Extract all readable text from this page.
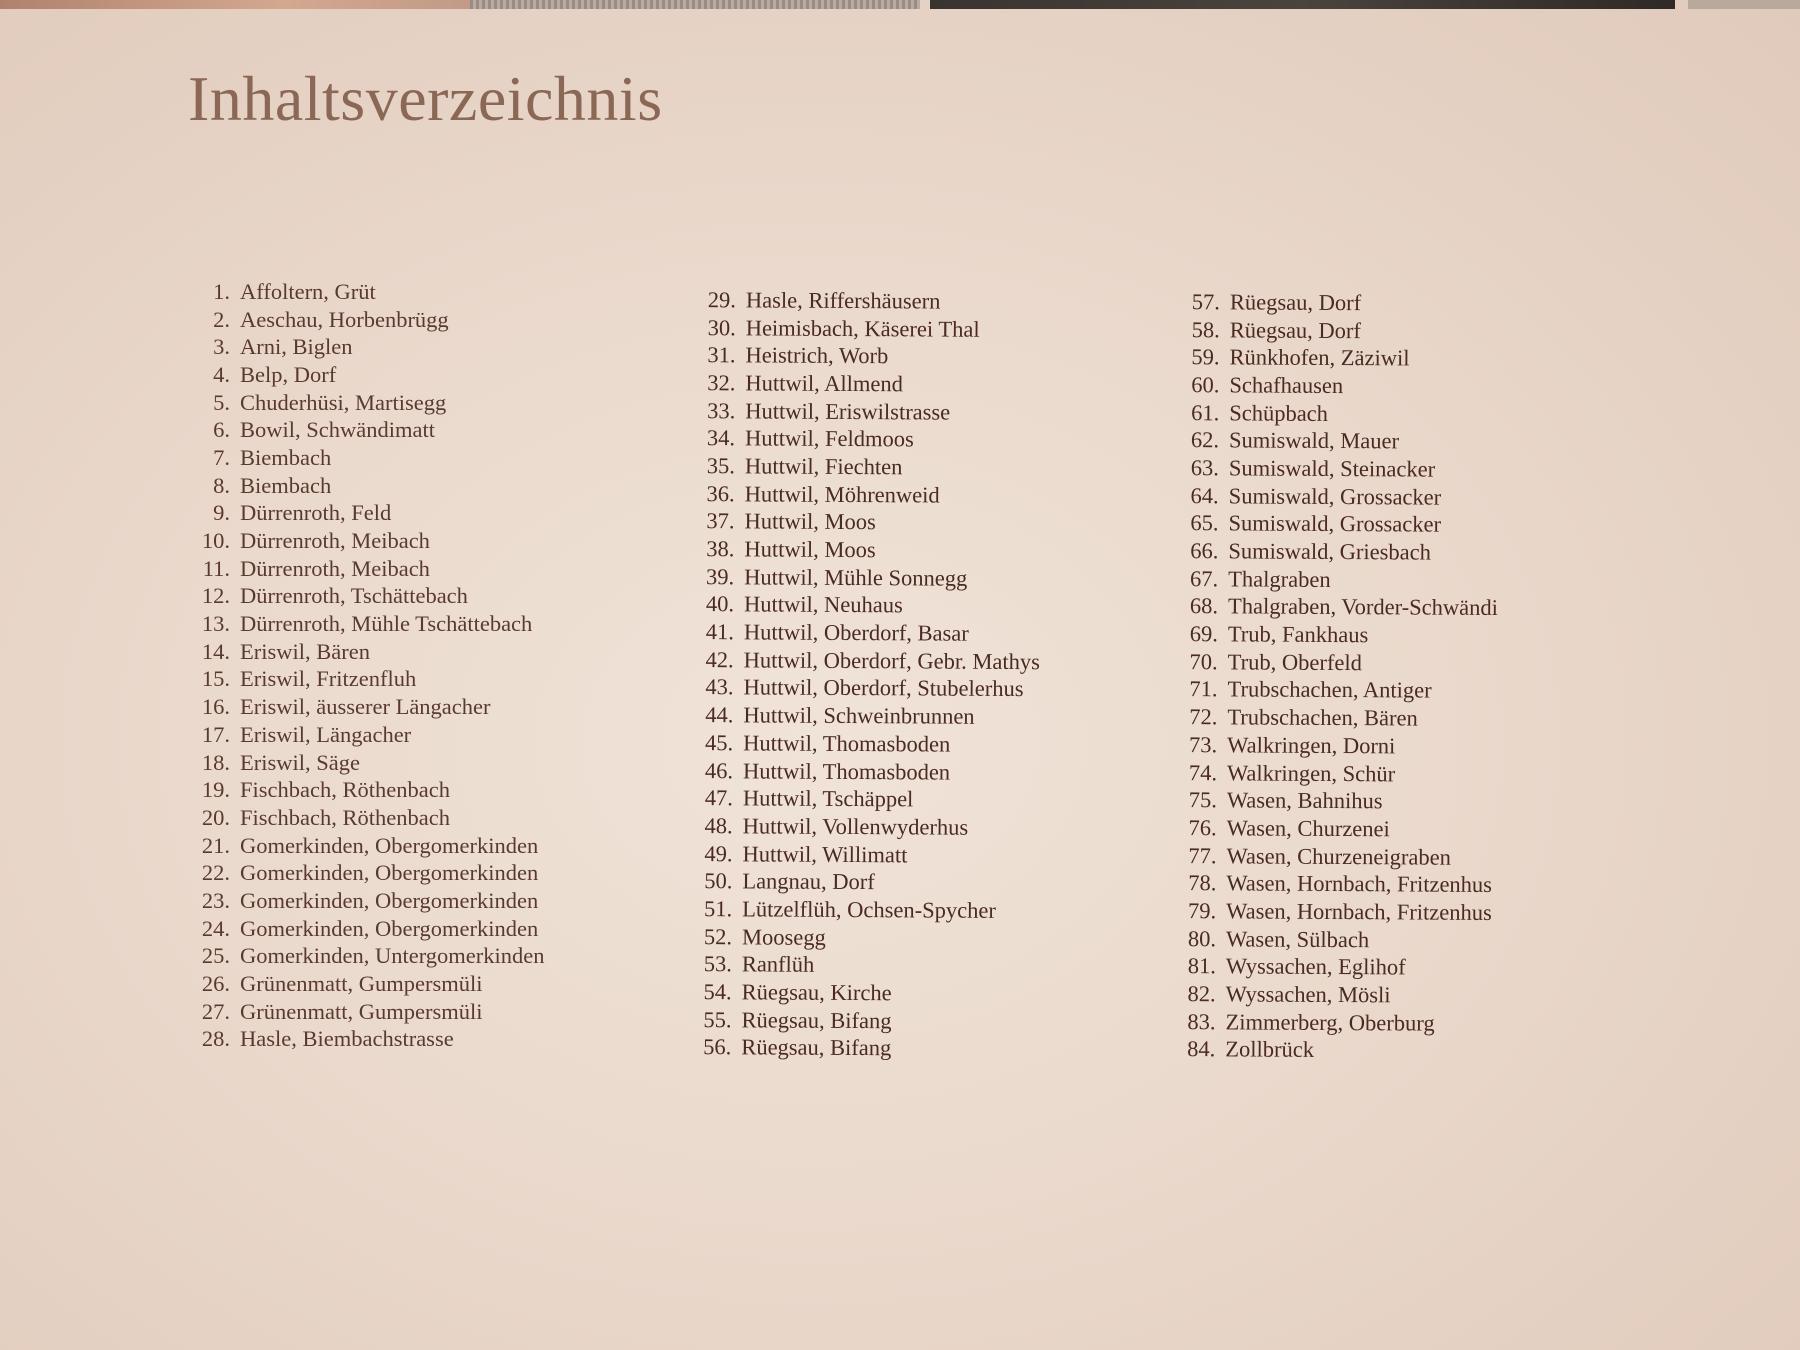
Inhaltsverzeichnis
1. Affoltern, Grüt
2. Aeschau, Horbenbrügg
3. Arni, Biglen
4. Belp, Dorf
5. Chuderhüsi, Martisegg
6. Bowil, Schwändimatt
7. Biembach
8. Biembach
9. Dürrenroth, Feld
10. Dürrenroth, Meibach
11. Dürrenroth, Meibach
12. Dürrenroth, Tschättebach
13. Dürrenroth, Mühle Tschättebach
14. Eriswil, Bären
15. Eriswil, Fritzenfluh
16. Eriswil, äusserer Längacher
17. Eriswil, Längacher
18. Eriswil, Säge
19. Fischbach, Röthenbach
20. Fischbach, Röthenbach
21. Gomerkinden, Obergomerkinden
22. Gomerkinden, Obergomerkinden
23. Gomerkinden, Obergomerkinden
24. Gomerkinden, Obergomerkinden
25. Gomerkinden, Untergomerkinden
26. Grünenmatt, Gumpersmüli
27. Grünenmatt, Gumpersmüli
28. Hasle, Biembachstrasse
29. Hasle, Riffershäusern
30. Heimisbach, Käserei Thal
31. Heistrich, Worb
32. Huttwil, Allmend
33. Huttwil, Eriswilstrasse
34. Huttwil, Feldmoos
35. Huttwil, Fiechten
36. Huttwil, Möhrenweid
37. Huttwil, Moos
38. Huttwil, Moos
39. Huttwil, Mühle Sonnegg
40. Huttwil, Neuhaus
41. Huttwil, Oberdorf, Basar
42. Huttwil, Oberdorf, Gebr. Mathys
43. Huttwil, Oberdorf, Stubelerhus
44. Huttwil, Schweinbrunnen
45. Huttwil, Thomasboden
46. Huttwil, Thomasboden
47. Huttwil, Tschäppel
48. Huttwil, Vollenwyderhus
49. Huttwil, Willimatt
50. Langnau, Dorf
51. Lützelflüh, Ochsen-Spycher
52. Moosegg
53. Ranflüh
54. Rüegsau, Kirche
55. Rüegsau, Bifang
56. Rüegsau, Bifang
57. Rüegsau, Dorf
58. Rüegsau, Dorf
59. Rünkhofen, Zäziwil
60. Schafhausen
61. Schüpbach
62. Sumiswald, Mauer
63. Sumiswald, Steinacker
64. Sumiswald, Grossacker
65. Sumiswald, Grossacker
66. Sumiswald, Griesbach
67. Thalgraben
68. Thalgraben, Vorder-Schwändi
69. Trub, Fankhaus
70. Trub, Oberfeld
71. Trubschachen, Antiger
72. Trubschachen, Bären
73. Walkringen, Dorni
74. Walkringen, Schür
75. Wasen, Bahnihus
76. Wasen, Churzenei
77. Wasen, Churzeneigraben
78. Wasen, Hornbach, Fritzenhus
79. Wasen, Hornbach, Fritzenhus
80. Wasen, Sülbach
81. Wyssachen, Eglihof
82. Wyssachen, Mösli
83. Zimmerberg, Oberburg
84. Zollbrück
